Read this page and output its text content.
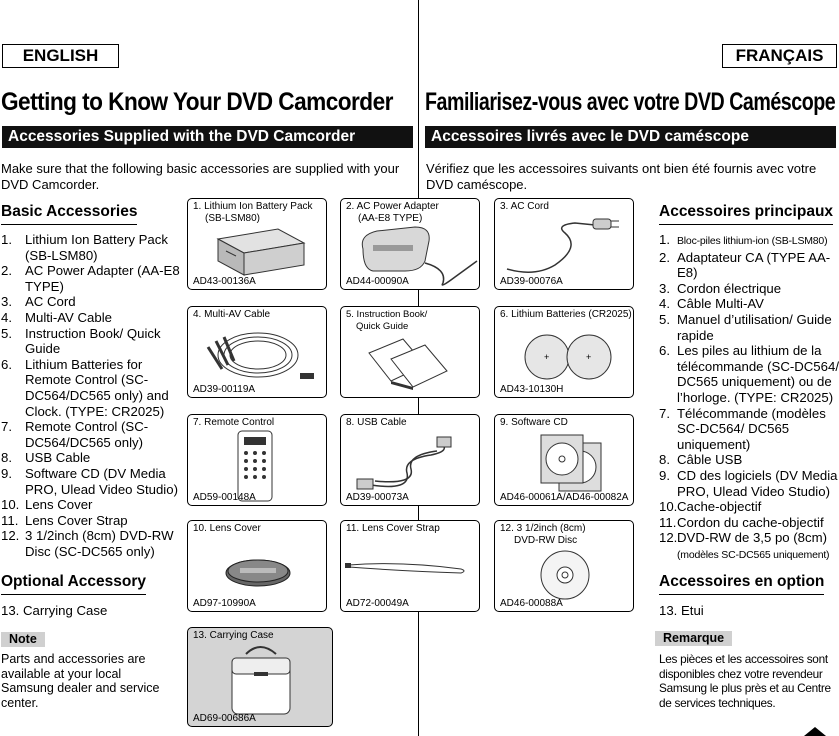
ENGLISH	FRANÇAIS
Getting to Know Your DVD Camcorder Familiarisez-vous avec votre DVD Caméscope
Accessories Supplied with the DVD Camcorder	Accessoires livrés avec le DVD caméscope
Make sure that the following basic accessories are supplied with your DVD Camcorder.
Vérifiez que les accessoires suivants ont bien été fournis avec votre DVD caméscope.
Basic Accessories
1. Lithium Ion Battery Pack (SB-LSM80)
2. AC Power Adapter (AA-E8 TYPE)
3. AC Cord
4. Multi-AV Cable
5. Instruction Book/ Quick Guide
6. Lithium Batteries for Remote Control (SC-DC564/DC565 only) and Clock. (TYPE: CR2025)
7. Remote Control (SC-DC564/DC565 only)
8. USB Cable
9. Software CD (DV Media PRO, Ulead Video Studio)
10. Lens Cover
11. Lens Cover Strap
12. 3 1/2inch (8cm) DVD-RW Disc (SC-DC565 only)
Optional Accessory
13. Carrying Case
Note
Parts and accessories are available at your local Samsung dealer and service center.
Accessoires principaux
1. Bloc-piles lithium-ion (SB-LSM80)
2. Adaptateur CA (TYPE AA-E8)
3. Cordon électrique
4. Câble Multi-AV
5. Manuel d’utilisation/ Guide rapide
6. Les piles au lithium de la télécommande (SC-DC564/ DC565 uniquement) ou de l’horloge. (TYPE: CR2025)
7. Télécommande (modèles SC-DC564/ DC565 uniquement)
8. Câble USB
9. CD des logiciels (DV Media PRO, Ulead Video Studio)
10. Cache-objectif
11. Cordon du cache-objectif
12. DVD-RW de 3,5 po (8cm)
(modèles SC-DC565 uniquement)
Accessoires en option
13. Etui
Remarque
Les pièces et les accessoires sont disponibles chez votre revendeur Samsung le plus près et au Centre de services techniques.
1. Lithium Ion Battery Pack
(SB-LSM80)
AD43-00136A
2. AC Power Adapter
(AA-E8 TYPE)
AD44-00090A
3. AC Cord
AD39-00076A
4. Multi-AV Cable
AD39-00119A
5. Instruction Book/
Quick Guide
+	+
6. Lithium Batteries (CR2025)
AD43-10130H
7. Remote Control
AD59-00148A
8. USB Cable
AD39-00073A
9. Software CD
AD46-00061A/AD46-00082A
10. Lens Cover
AD97-10990A
11. Lens Cover Strap
AD72-00049A
12. 3 1/2inch (8cm)
DVD-RW Disc
AD46-00088A
13. Carrying Case
AD69-00686A
